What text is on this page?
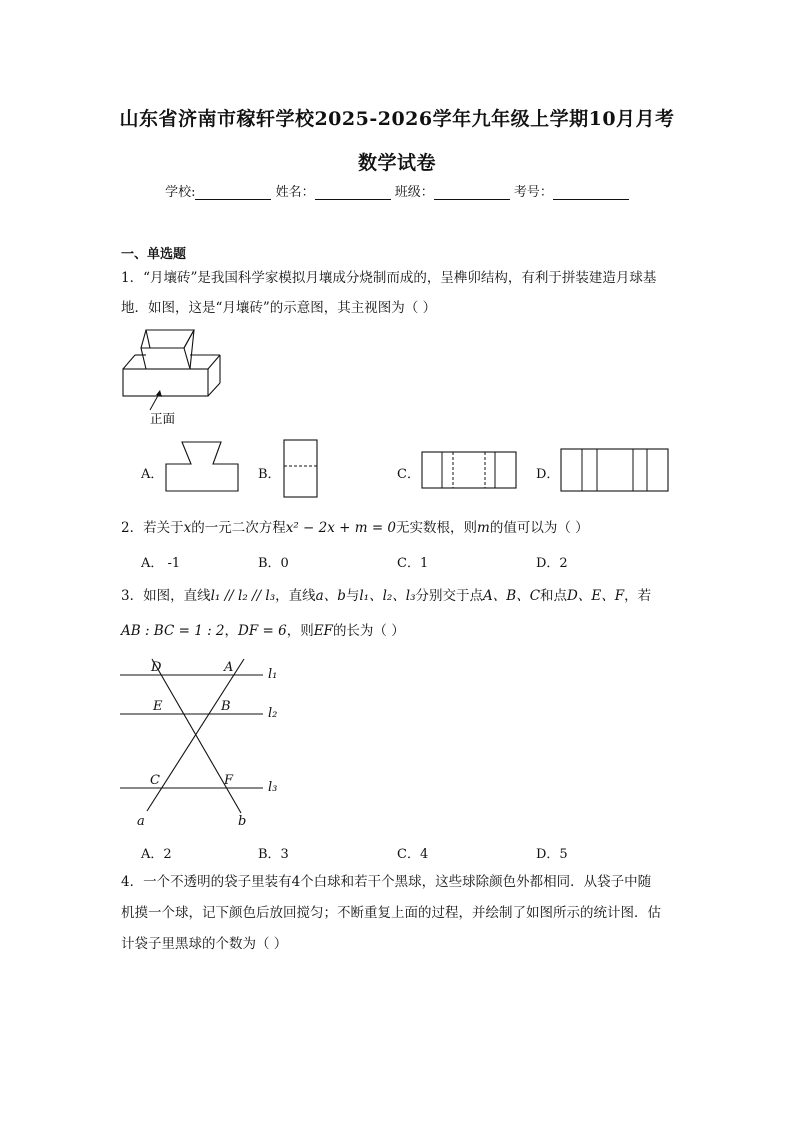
山东省济南市稼轩学校2025-2026学年九年级上学期10月月考
数学试卷
学校:	姓名：	班级：	考号：
一、单选题
1．“月壤砖”是我国科学家模拟月壤成分烧制而成的，呈榫卯结构，有利于拼装建造月球基
地．如图，这是“月壤砖”的示意图，其主视图为（ ）
正面
A．	B．	C．	D．
2．若关于x的一元二次方程x² − 2x + m = 0无实数根，则m的值可以为（ ）
A． -1	B．0	C．1	D．2
3．如图，直线l₁ // l₂ // l₃，直线a、b与l₁、l₂、l₃分别交于点A、B、C和点D、E、F，若
AB : BC = 1 : 2，DF = 6，则EF的长为（ ）
D	A	l₁
E	B	l₂
C	F	l₃
a	b
A．2	B．3	C．4	D．5
4．一个不透明的袋子里装有4个白球和若干个黑球，这些球除颜色外都相同．从袋子中随
机摸一个球，记下颜色后放回搅匀；不断重复上面的过程，并绘制了如图所示的统计图．估
计袋子里黑球的个数为（ ）
